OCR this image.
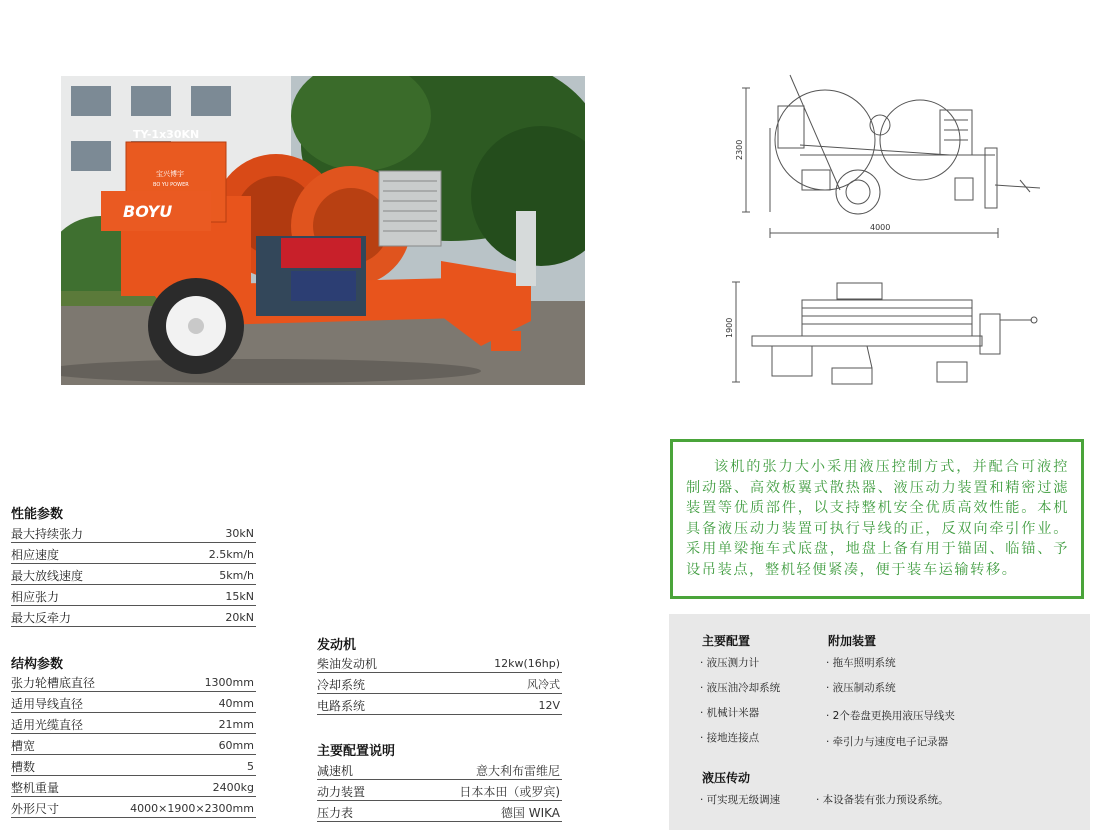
TY-1x30KN
宝兴博宇
BO YU POWER
BOYU
2300
4000
1900

该机的张力大小采用液压控制方式，并配合可液控制动器、高效板翼式散热器、液压动力装置和精密过滤装置等优质部件，以支持整机安全优质高效性能。本机具备液压动力装置可执行导线的正，反双向牵引作业。采用单梁拖车式底盘，地盘上备有用于锚固、临锚、予设吊装点，整机轻便紧凑，便于装车运输转移。

性能参数
最大持续张力	30kN
相应速度	2.5km/h
最大放线速度	5km/h
相应张力	15kN
最大反牵力	20kN
结构参数
张力轮槽底直径	1300mm
适用导线直径	40mm
适用光缆直径	21mm
槽宽	60mm
槽数	5
整机重量	2400kg
外形尺寸	4000×1900×2300mm
发动机
柴油发动机	12kw(16hp)
冷却系统	风冷式
电路系统	12V
主要配置说明
减速机	意大利布雷维尼
动力装置	日本本田（或罗宾)
压力表	德国 WIKA
主要配置
· 液压测力计
· 液压油冷却系统
· 机械计米器
· 接地连接点
附加装置
· 拖车照明系统
· 液压制动系统
· 2个卷盘更换用液压导线夹
· 牵引力与速度电子记录器
液压传动
· 可实现无级调速	· 本设备装有张力预设系统。
